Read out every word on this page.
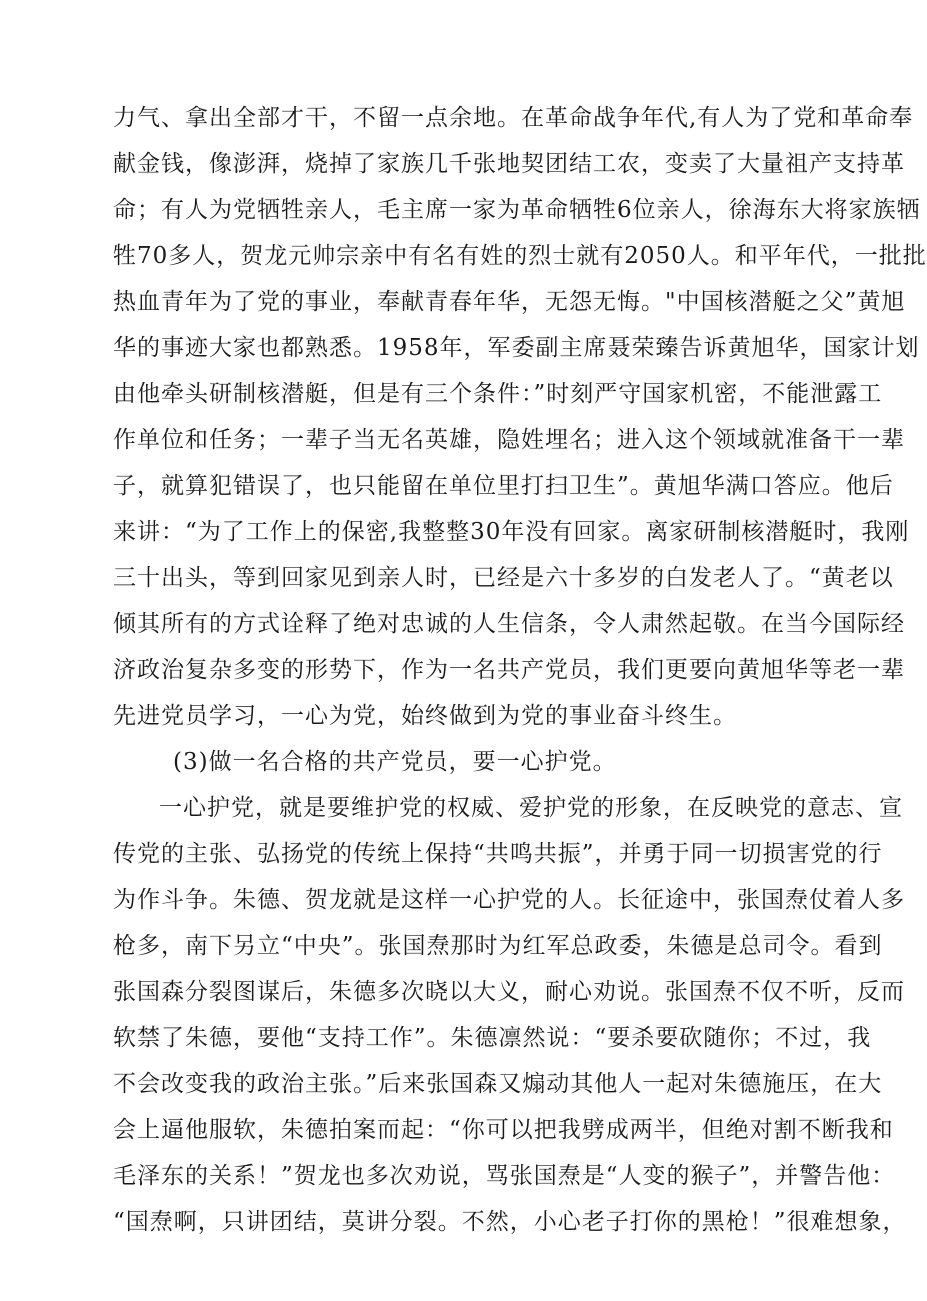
力气、拿出全部才干，不留一点余地。在革命战争年代,有人为了党和革命奉
献金钱，像澎湃，烧掉了家族几千张地契团结工农，变卖了大量祖产支持革
命；有人为党牺牲亲人，毛主席一家为革命牺牲6位亲人，徐海东大将家族牺
牲70多人，贺龙元帅宗亲中有名有姓的烈士就有2050人。和平年代，一批批
热血青年为了党的事业，奉献青春年华，无怨无悔。"中国核潜艇之父”黄旭
华的事迹大家也都熟悉。1958年，军委副主席聂荣臻告诉黄旭华，国家计划
由他牵头研制核潜艇，但是有三个条件：”时刻严守国家机密，不能泄露工
作单位和任务；一辈子当无名英雄，隐姓埋名；进入这个领域就准备干一辈
子，就算犯错误了，也只能留在单位里打扫卫生”。黄旭华满口答应。他后
来讲：“为了工作上的保密,我整整30年没有回家。离家研制核潜艇时，我刚
三十出头，等到回家见到亲人时，已经是六十多岁的白发老人了。“黄老以
倾其所有的方式诠释了绝对忠诚的人生信条，令人肃然起敬。在当今国际经
济政治复杂多变的形势下，作为一名共产党员，我们更要向黄旭华等老一辈
先进党员学习，一心为党，始终做到为党的事业奋斗终生。
(3)做一名合格的共产党员，要一心护党。
一心护党，就是要维护党的权威、爱护党的形象，在反映党的意志、宣
传党的主张、弘扬党的传统上保持“共鸣共振”，并勇于同一切损害党的行
为作斗争。朱德、贺龙就是这样一心护党的人。长征途中，张国焘仗着人多
枪多，南下另立“中央”。张国焘那时为红军总政委，朱德是总司令。看到
张国森分裂图谋后，朱德多次晓以大义，耐心劝说。张国焘不仅不听，反而
软禁了朱德，要他“支持工作”。朱德凛然说：“要杀要砍随你；不过，我
不会改变我的政治主张。”后来张国森又煽动其他人一起对朱德施压，在大
会上逼他服软，朱德拍案而起：“你可以把我劈成两半，但绝对割不断我和
毛泽东的关系！”贺龙也多次劝说，骂张国焘是“人变的猴子”，并警告他：
“国焘啊，只讲团结，莫讲分裂。不然，小心老子打你的黑枪！”很难想象，
